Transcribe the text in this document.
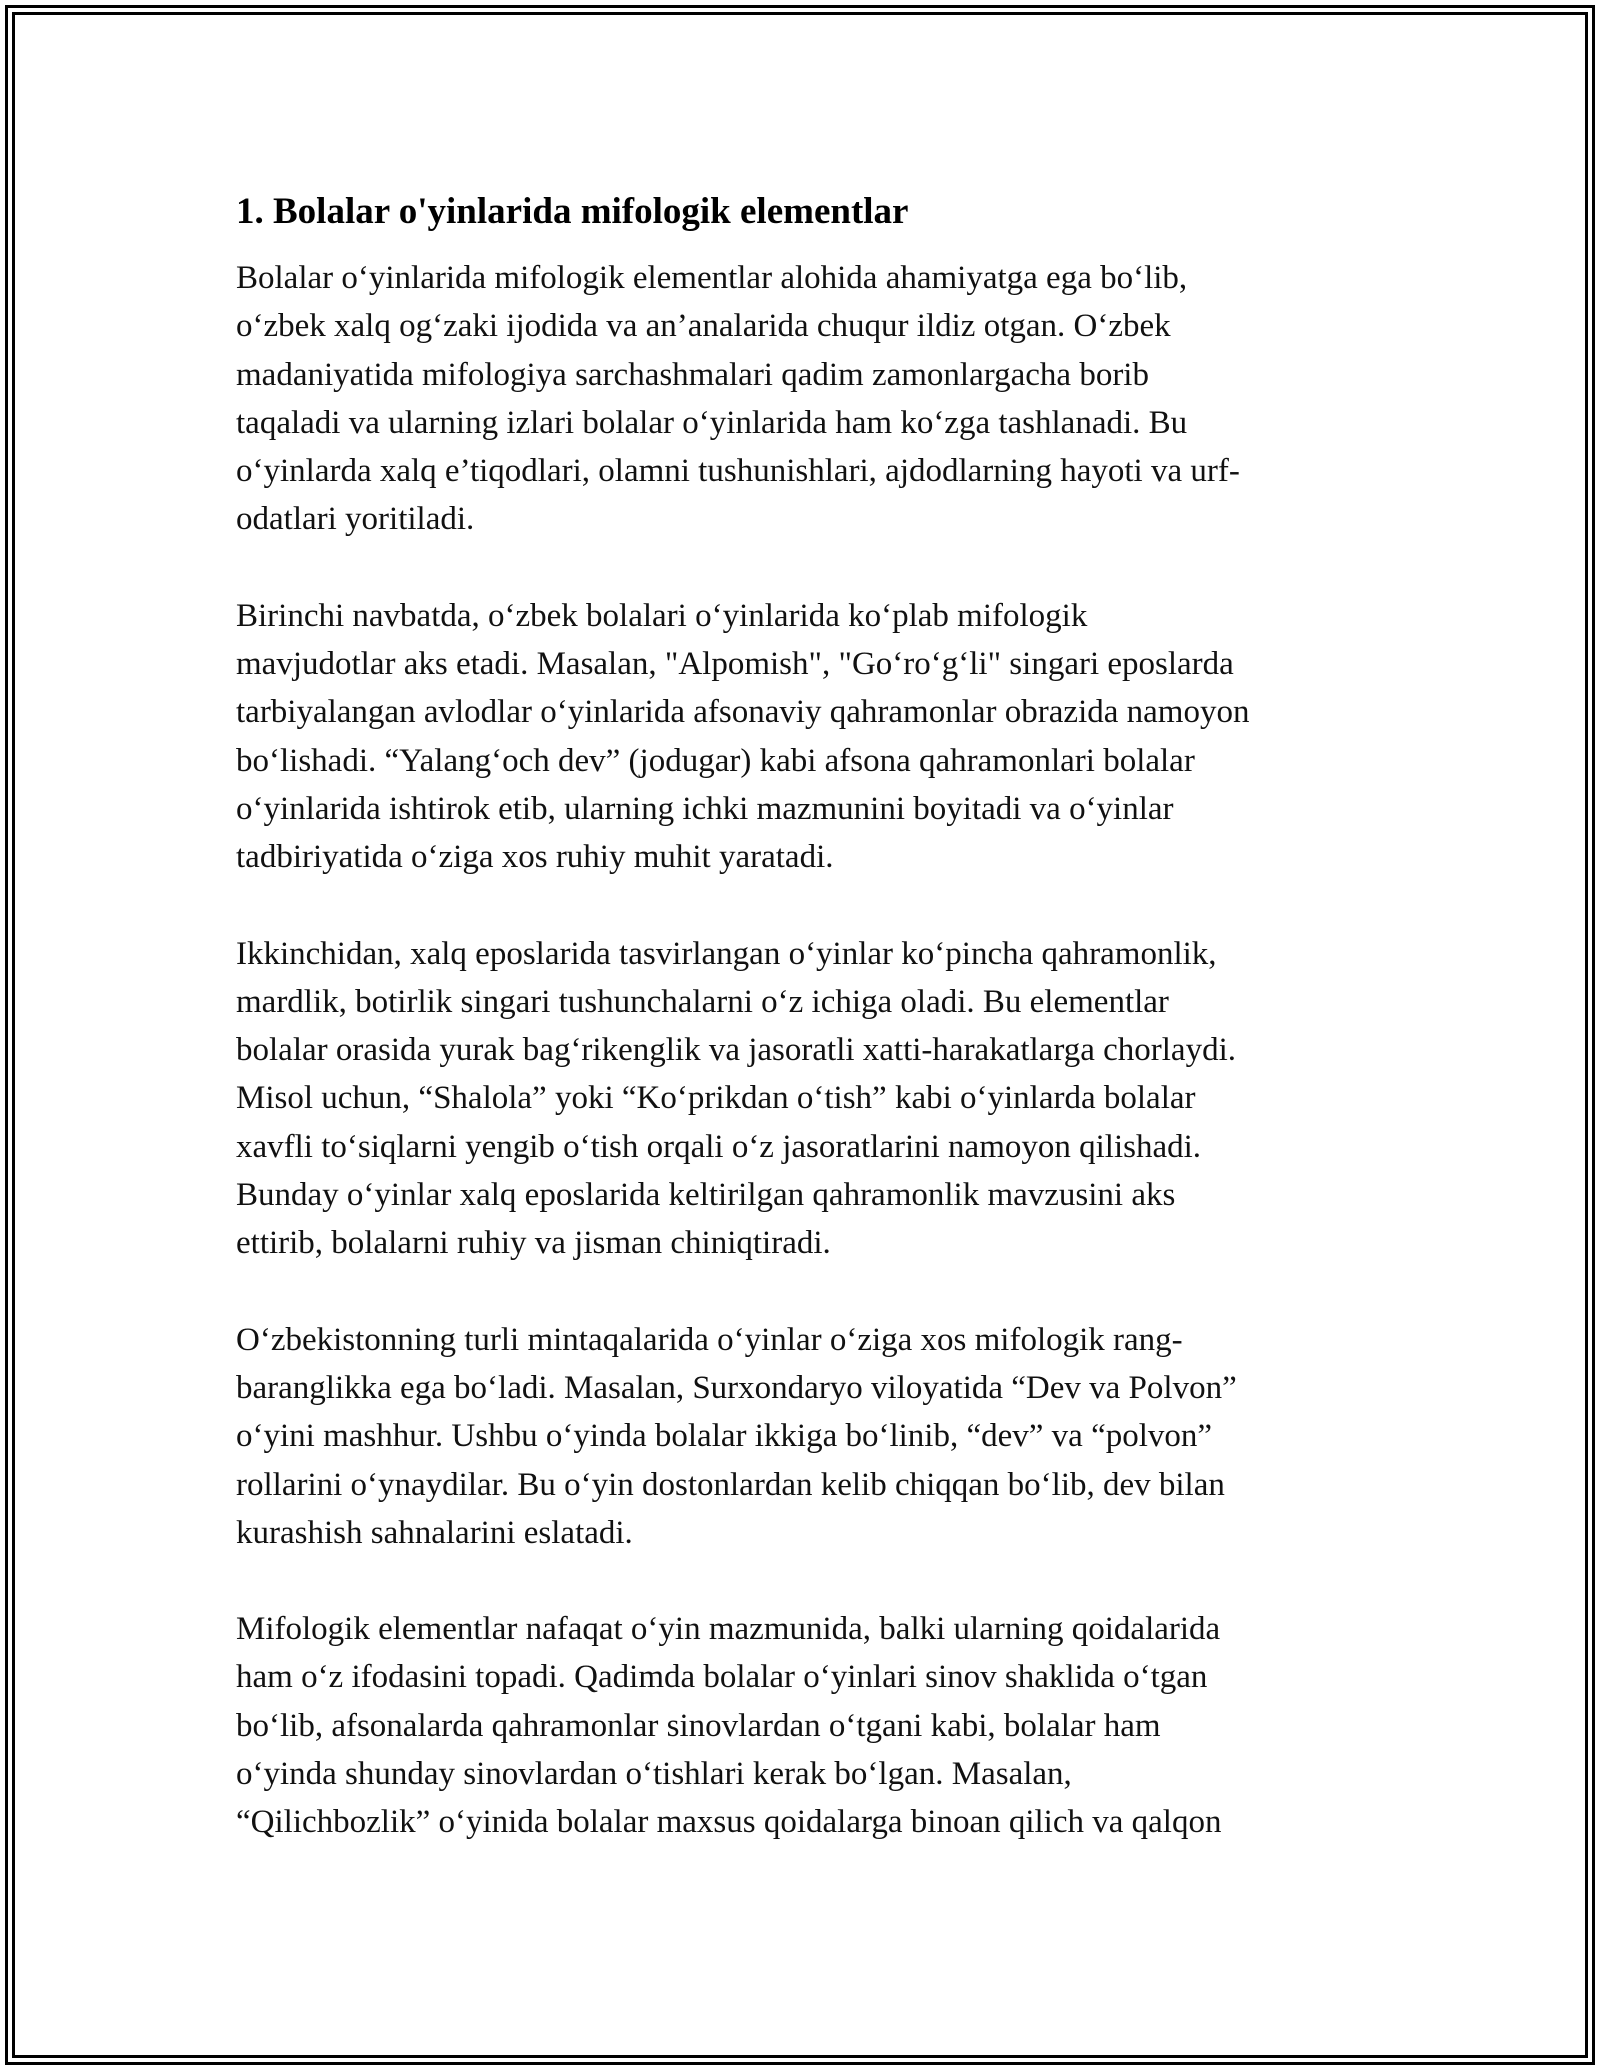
1. Bolalar o'yinlarida mifologik elementlar

Bolalar o‘yinlarida mifologik elementlar alohida ahamiyatga ega bo‘lib,
o‘zbek xalq og‘zaki ijodida va an’analarida chuqur ildiz otgan. O‘zbek
madaniyatida mifologiya sarchashmalari qadim zamonlargacha borib
taqaladi va ularning izlari bolalar o‘yinlarida ham ko‘zga tashlanadi. Bu
o‘yinlarda xalq e’tiqodlari, olamni tushunishlari, ajdodlarning hayoti va urf-
odatlari yoritiladi.

Birinchi navbatda, o‘zbek bolalari o‘yinlarida ko‘plab mifologik
mavjudotlar aks etadi. Masalan, "Alpomish", "Go‘ro‘g‘li" singari eposlarda
tarbiyalangan avlodlar o‘yinlarida afsonaviy qahramonlar obrazida namoyon
bo‘lishadi. “Yalang‘och dev” (jodugar) kabi afsona qahramonlari bolalar
o‘yinlarida ishtirok etib, ularning ichki mazmunini boyitadi va o‘yinlar
tadbiriyatida o‘ziga xos ruhiy muhit yaratadi.

Ikkinchidan, xalq eposlarida tasvirlangan o‘yinlar ko‘pincha qahramonlik,
mardlik, botirlik singari tushunchalarni o‘z ichiga oladi. Bu elementlar
bolalar orasida yurak bag‘rikenglik va jasoratli xatti-harakatlarga chorlaydi.
Misol uchun, “Shalola” yoki “Ko‘prikdan o‘tish” kabi o‘yinlarda bolalar
xavfli to‘siqlarni yengib o‘tish orqali o‘z jasoratlarini namoyon qilishadi.
Bunday o‘yinlar xalq eposlarida keltirilgan qahramonlik mavzusini aks
ettirib, bolalarni ruhiy va jisman chiniqtiradi.

O‘zbekistonning turli mintaqalarida o‘yinlar o‘ziga xos mifologik rang-
baranglikka ega bo‘ladi. Masalan, Surxondaryo viloyatida “Dev va Polvon”
o‘yini mashhur. Ushbu o‘yinda bolalar ikkiga bo‘linib, “dev” va “polvon”
rollarini o‘ynaydilar. Bu o‘yin dostonlardan kelib chiqqan bo‘lib, dev bilan
kurashish sahnalarini eslatadi.

Mifologik elementlar nafaqat o‘yin mazmunida, balki ularning qoidalarida
ham o‘z ifodasini topadi. Qadimda bolalar o‘yinlari sinov shaklida o‘tgan
bo‘lib, afsonalarda qahramonlar sinovlardan o‘tgani kabi, bolalar ham
o‘yinda shunday sinovlardan o‘tishlari kerak bo‘lgan. Masalan,
“Qilichbozlik” o‘yinida bolalar maxsus qoidalarga binoan qilich va qalqon
